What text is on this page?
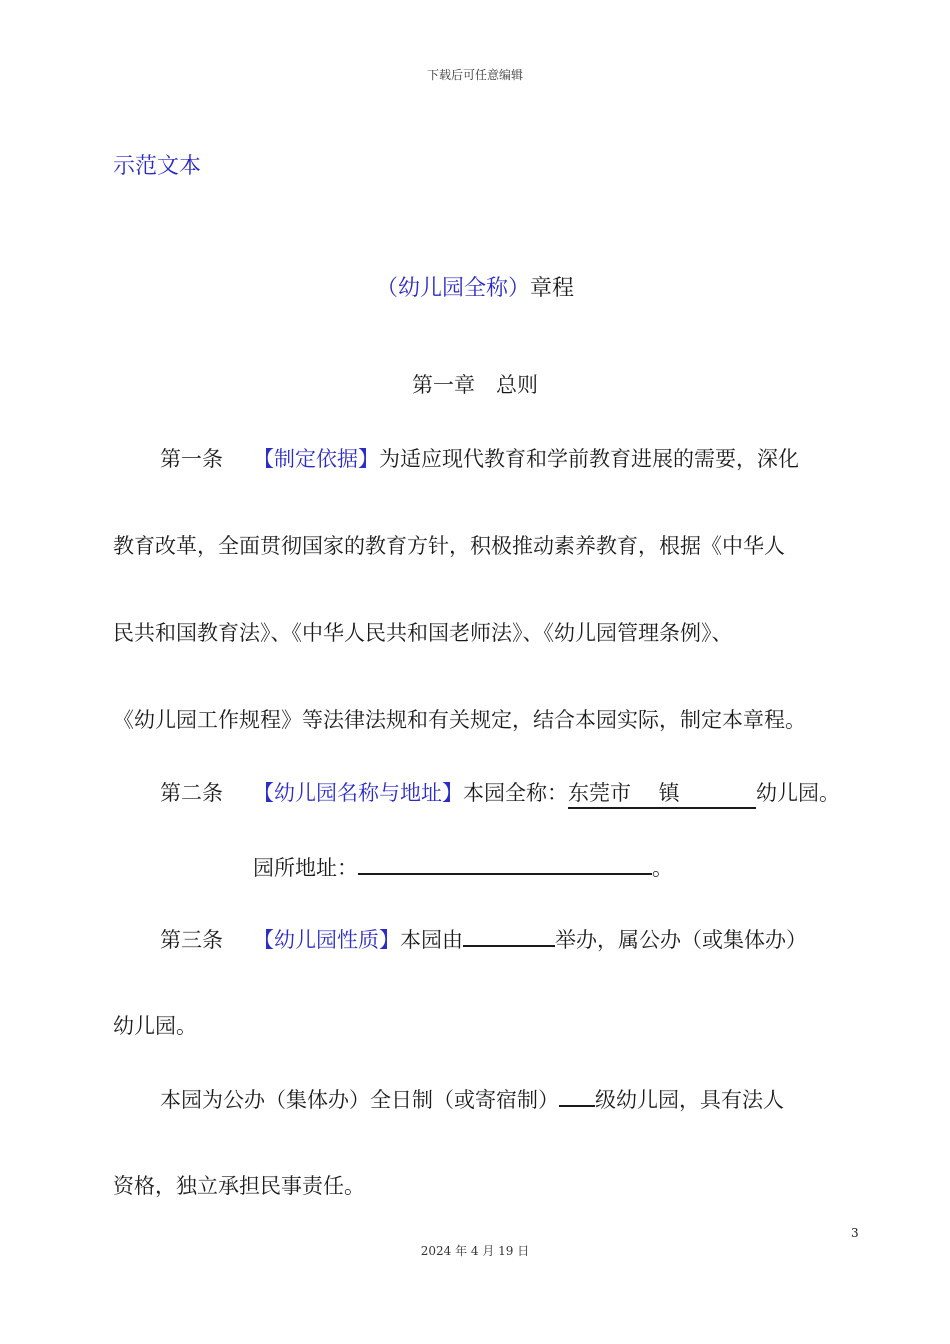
下载后可任意编辑
示范文本
（幼儿园全称）章程
第一章　总则
第一条 【制定依据】为适应现代教育和学前教育进展的需要，深化
教育改革，全面贯彻国家的教育方针，积极推动素养教育，根据《中华人
民共和国教育法》、《中华人民共和国老师法》、《幼儿园管理条例》、
《幼儿园工作规程》等法律法规和有关规定，结合本园实际，制定本章程。
第二条 【幼儿园名称与地址】本园全称：东莞市　 镇	幼儿园。
园所地址：	。
第三条 【幼儿园性质】本园由	举办，属公办（或集体办）
幼儿园。
本园为公办（集体办）全日制（或寄宿制） 级幼儿园，具有法人
资格，独立承担民事责任。
3
2024 年 4 月 19 日
